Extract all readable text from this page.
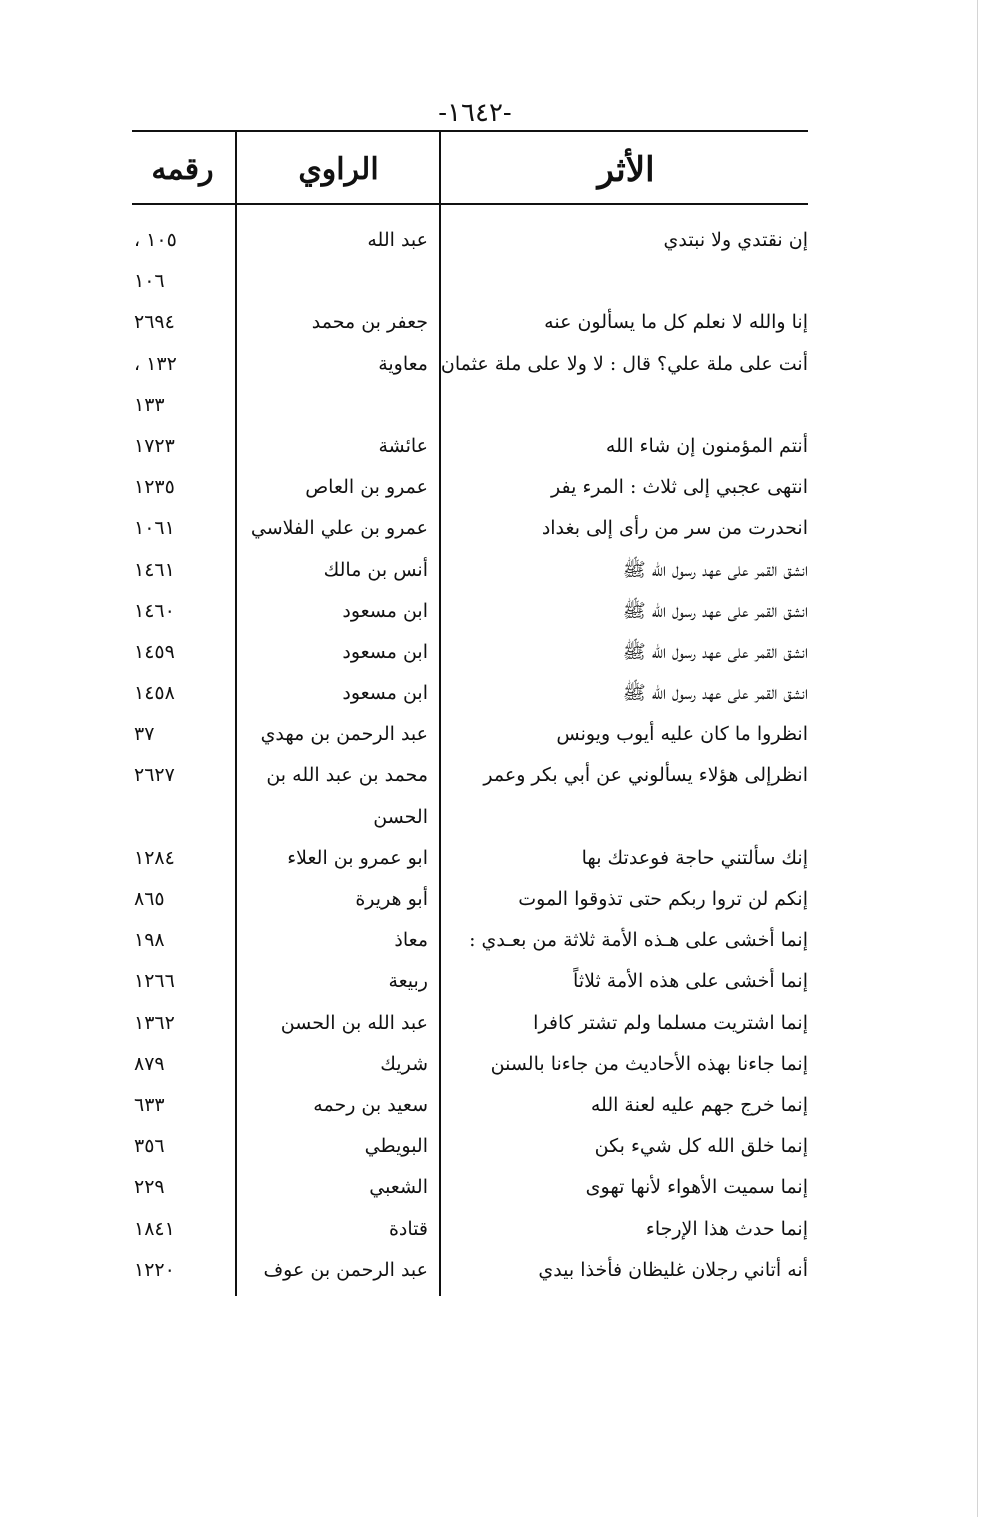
-١٦٤٢-
الأثر
الراوي
رقمه
إن نقتدي ولا نبتدي
عبد الله
١٠٥ ،
١٠٦
إنا والله لا نعلم كل ما يسألون عنه
جعفر بن محمد
٢٦٩٤
أنت على ملة علي؟ قال : لا ولا على ملة عثمان
معاوية
١٣٢ ،
١٣٣
أنتم المؤمنون إن شاء الله
عائشة
١٧٢٣
انتهى عجبي إلى ثلاث : المرء يفر
عمرو بن العاص
١٢٣٥
انحدرت من سر من رأى إلى بغداد
عمرو بن علي الفلاسي
١٠٦١
انشق القمر على عهد رسول الله ﷺ
أنس بن مالك
١٤٦١
انشق القمر على عهد رسول الله ﷺ
ابن مسعود
١٤٦٠
انشق القمر على عهد رسول الله ﷺ
ابن مسعود
١٤٥٩
انشق القمر على عهد رسول الله ﷺ
ابن مسعود
١٤٥٨
انظروا ما كان عليه أيوب ويونس
عبد الرحمن بن مهدي
٣٧
انظرإلى هؤلاء يسألوني عن أبي بكر وعمر
محمد بن عبد الله بن
٢٦٢٧
الحسن
إنك سألتني حاجة فوعدتك بها
ابو عمرو بن العلاء
١٢٨٤
إنكم لن تروا ربكم حتى تذوقوا الموت
أبو هريرة
٨٦٥
إنما أخشى على هـذه الأمة ثلاثة من بعـدي :
معاذ
١٩٨
إنما أخشى على هذه الأمة ثلاثاً
ربيعة
١٢٦٦
إنما اشتريت مسلما ولم تشتر كافرا
عبد الله بن الحسن
١٣٦٢
إنما جاءنا بهذه الأحاديث من جاءنا بالسنن
شريك
٨٧٩
إنما خرج جهم عليه لعنة الله
سعيد بن رحمه
٦٣٣
إنما خلق الله كل شيء بكن
البويطي
٣٥٦
إنما سميت الأهواء لأنها تهوى
الشعبي
٢٢٩
إنما حدث هذا الإرجاء
قتادة
١٨٤١
أنه أتاني رجلان غليظان فأخذا بيدي
عبد الرحمن بن عوف
١٢٢٠
